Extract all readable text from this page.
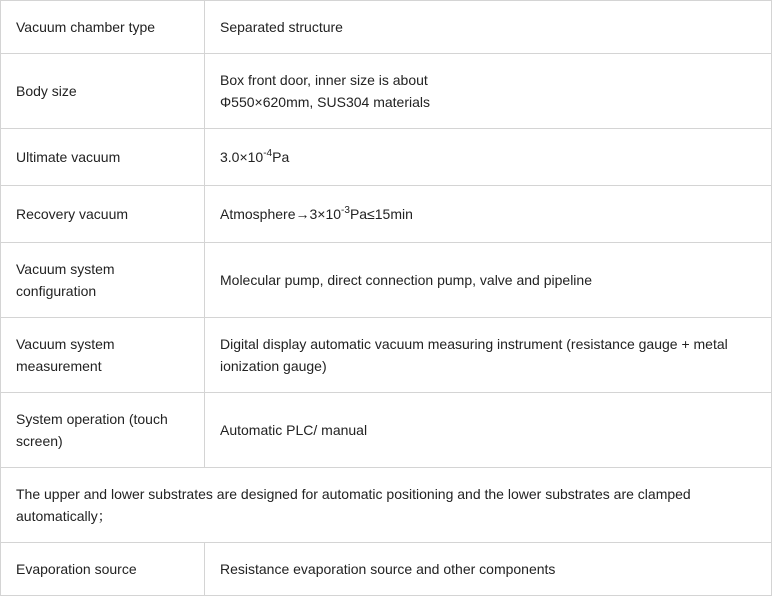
Vacuum chamber type	Separated structure
Body size	Box front door, inner size is about
Φ550×620mm, SUS304 materials
Ultimate vacuum	$3.0\times 10^{-4}Pa$
Recovery vacuum	$Atmosphere\to 3\times 10^{-3}Pa\le 15\min$
Vacuum system configuration	Molecular pump, direct connection pump, valve and pipeline
Vacuum system measurement	Digital display automatic vacuum measuring instrument (resistance gauge + metal ionization gauge)
System operation (touch screen)	Automatic PLC/ manual
The upper and lower substrates are designed for automatic positioning and the lower substrates are clamped automatically；	
Evaporation source	Resistance evaporation source and other components
